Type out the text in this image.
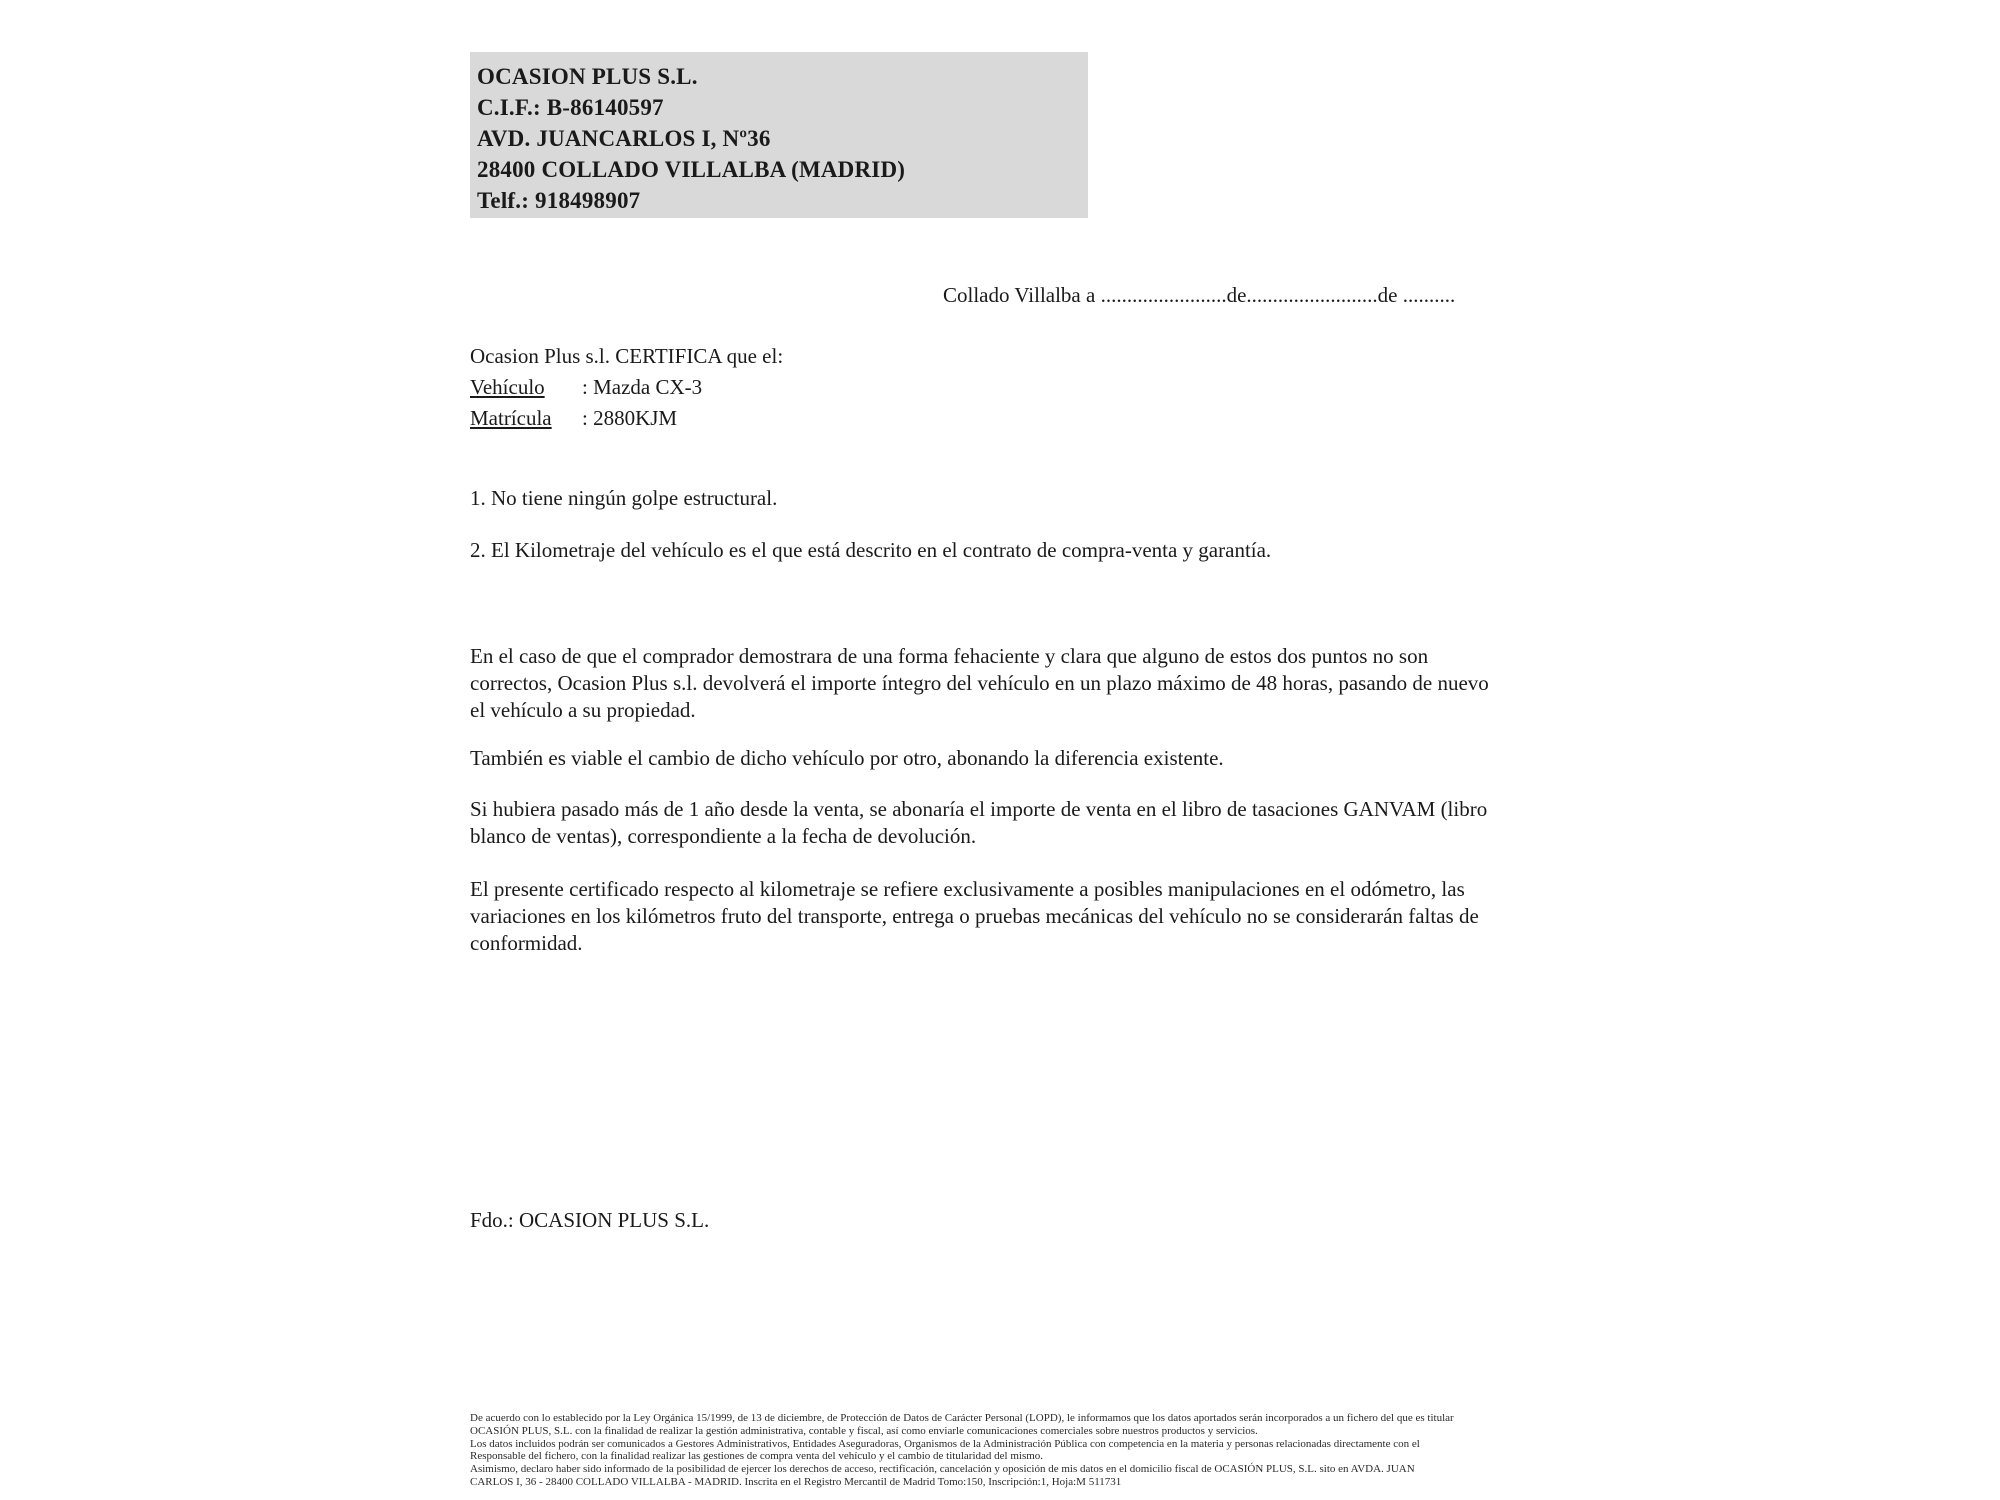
OCASION PLUS S.L.
C.I.F.: B-86140597
AVD. JUANCARLOS I, Nº36
28400 COLLADO VILLALBA (MADRID)
Telf.: 918498907
Collado Villalba a ........................de.........................de ..........
Ocasion Plus s.l. CERTIFICA que el:
Vehículo : Mazda CX-3
Matrícula : 2880KJM
1. No tiene ningún golpe estructural.
2. El Kilometraje del vehículo es el que está descrito en el contrato de compra-venta y garantía.
En el caso de que el comprador demostrara de una forma fehaciente y clara que alguno de estos dos puntos no son correctos, Ocasion Plus s.l. devolverá el importe íntegro del vehículo en un plazo máximo de 48 horas, pasando de nuevo el vehículo a su propiedad.
También es viable el cambio de dicho vehículo por otro, abonando la diferencia existente.
Si hubiera pasado más de 1 año desde la venta, se abonaría el importe de venta en el libro de tasaciones GANVAM (libro blanco de ventas), correspondiente a la fecha de devolución.
El presente certificado respecto al kilometraje se refiere exclusivamente a posibles manipulaciones en el odómetro, las variaciones en los kilómetros fruto del transporte, entrega o pruebas mecánicas del vehículo no se considerarán faltas de conformidad.
Fdo.: OCASION PLUS S.L.
De acuerdo con lo establecido por la Ley Orgánica 15/1999, de 13 de diciembre, de Protección de Datos de Carácter Personal (LOPD), le informamos que los datos aportados serán incorporados a un fichero del que es titular
OCASIÓN PLUS, S.L. con la finalidad de realizar la gestión administrativa, contable y fiscal, así como enviarle comunicaciones comerciales sobre nuestros productos y servicios.
Los datos incluidos podrán ser comunicados a Gestores Administrativos, Entidades Aseguradoras, Organismos de la Administración Pública con competencia en la materia y personas relacionadas directamente con el
Responsable del fichero, con la finalidad realizar las gestiones de compra venta del vehículo y el cambio de titularidad del mismo.
Asimismo, declaro haber sido informado de la posibilidad de ejercer los derechos de acceso, rectificación, cancelación y oposición de mis datos en el domicilio fiscal de OCASIÓN PLUS, S.L. sito en AVDA. JUAN
CARLOS I, 36 - 28400 COLLADO VILLALBA - MADRID. Inscrita en el Registro Mercantil de Madrid Tomo:150, Inscripción:1, Hoja:M 511731
